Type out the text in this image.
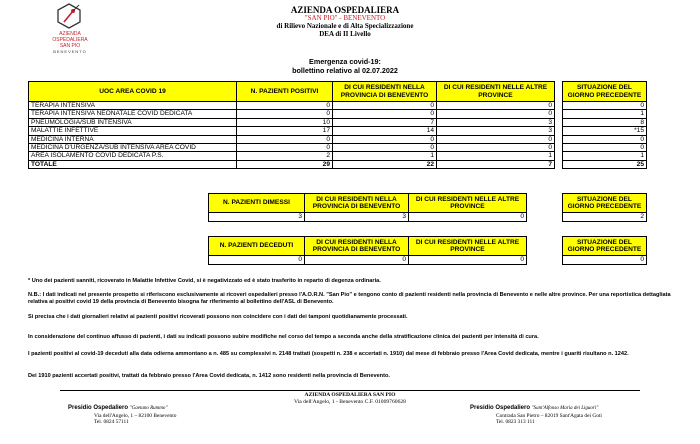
AZIENDA
OSPEDALIERA
SAN PIO
BENEVENTO
AZIENDA OSPEDALIERA
"SAN PIO" - BENEVENTO
di Rilievo Nazionale e di Alta Specializzazione
DEA di II Livello
Emergenza covid-19:
bollettino relativo al 02.07.2022
UOC AREA COVID 19	N. PAZIENTI POSITIVI	DI CUI RESIDENTI NELLA PROVINCIA DI BENEVENTO	DI CUI RESIDENTI NELLE ALTRE PROVINCE		SITUAZIONE DEL GIORNO PRECEDENTE
TERAPIA INTENSIVA	0	0	0		0
TERAPIA INTENSIVA NEONATALE COVID DEDICATA	0	0	0		1
PNEUMOLOGIA/SUB INTENSIVA	10	7	3		8
MALATTIE INFETTIVE	17	14	3		*15
MEDICINA INTERNA	0	0	0		0
MEDICINA D'URGENZA/SUB INTENSIVA AREA COVID	0	0	0		0
AREA ISOLAMENTO COVID DEDICATA P.S.	2	1	1		1
TOTALE	29	22	7		25
N. PAZIENTI DIMESSI	DI CUI RESIDENTI NELLA PROVINCIA DI BENEVENTO	DI CUI RESIDENTI NELLE ALTRE PROVINCE		SITUAZIONE DEL GIORNO PRECEDENTE
3	3	0		2
N. PAZIENTI DECEDUTI	DI CUI RESIDENTI NELLA PROVINCIA DI BENEVENTO	DI CUI RESIDENTI NELLE ALTRE PROVINCE		SITUAZIONE DEL GIORNO PRECEDENTE
0	0	0		0
* Uno dei pazienti sanniti, ricoverato in Malattie Infettive Covid, si è negativizzato ed è stato trasferito in reparto di degenza ordinaria.
N.B.: I dati indicati nel presente prospetto si riferiscono esclusivamente ai ricoveri ospedalieri presso l'A.O.R.N. "San Pio" e tengono conto di pazienti residenti nella provincia di Benevento e nelle altre province. Per una reportistica dettagliata relativa ai positivi covid 19 della provincia di Benevento bisogna far riferimento al bollettino dell'ASL di Benevento.
Si precisa che i dati giornalieri relativi ai pazienti positivi ricoverati possono non coincidere con i dati dei tamponi quotidianamente processati.
In considerazione del continuo affusso di pazienti, i dati su indicati possono subire modifiche nel corso del tempo a seconda anche della stratificazione clinica dei pazienti per intensità di cura.
I pazienti positivi al covid-19 deceduti alla data odierna ammontano a n. 485 su complessivi n. 2148 trattati (sospetti n. 238 e accertati n. 1910) dal mese di febbraio presso l'Area Covid dedicata, mentre i guariti risultano n. 1242.
Dei 1910 pazienti accertati positivi, trattati da febbraio presso l'Area Covid dedicata, n. 1412 sono residenti nella provincia di Benevento.
AZIENDA OSPEDALIERA SAN PIO
Via dell'Angelo, 1 - Benevento C.F. 01009760628
Presidio Ospedaliero "Gaetano Rummo"
Via dell'Angelo, 1 – 82100 Benevento
Tel. 0824 57111
Presidio Ospedaliero "Sant'Alfonso Maria dei Liguori"
Contrada San Pietro – 82019 Sant'Agata dei Goti
Tel. 0823 313 111
